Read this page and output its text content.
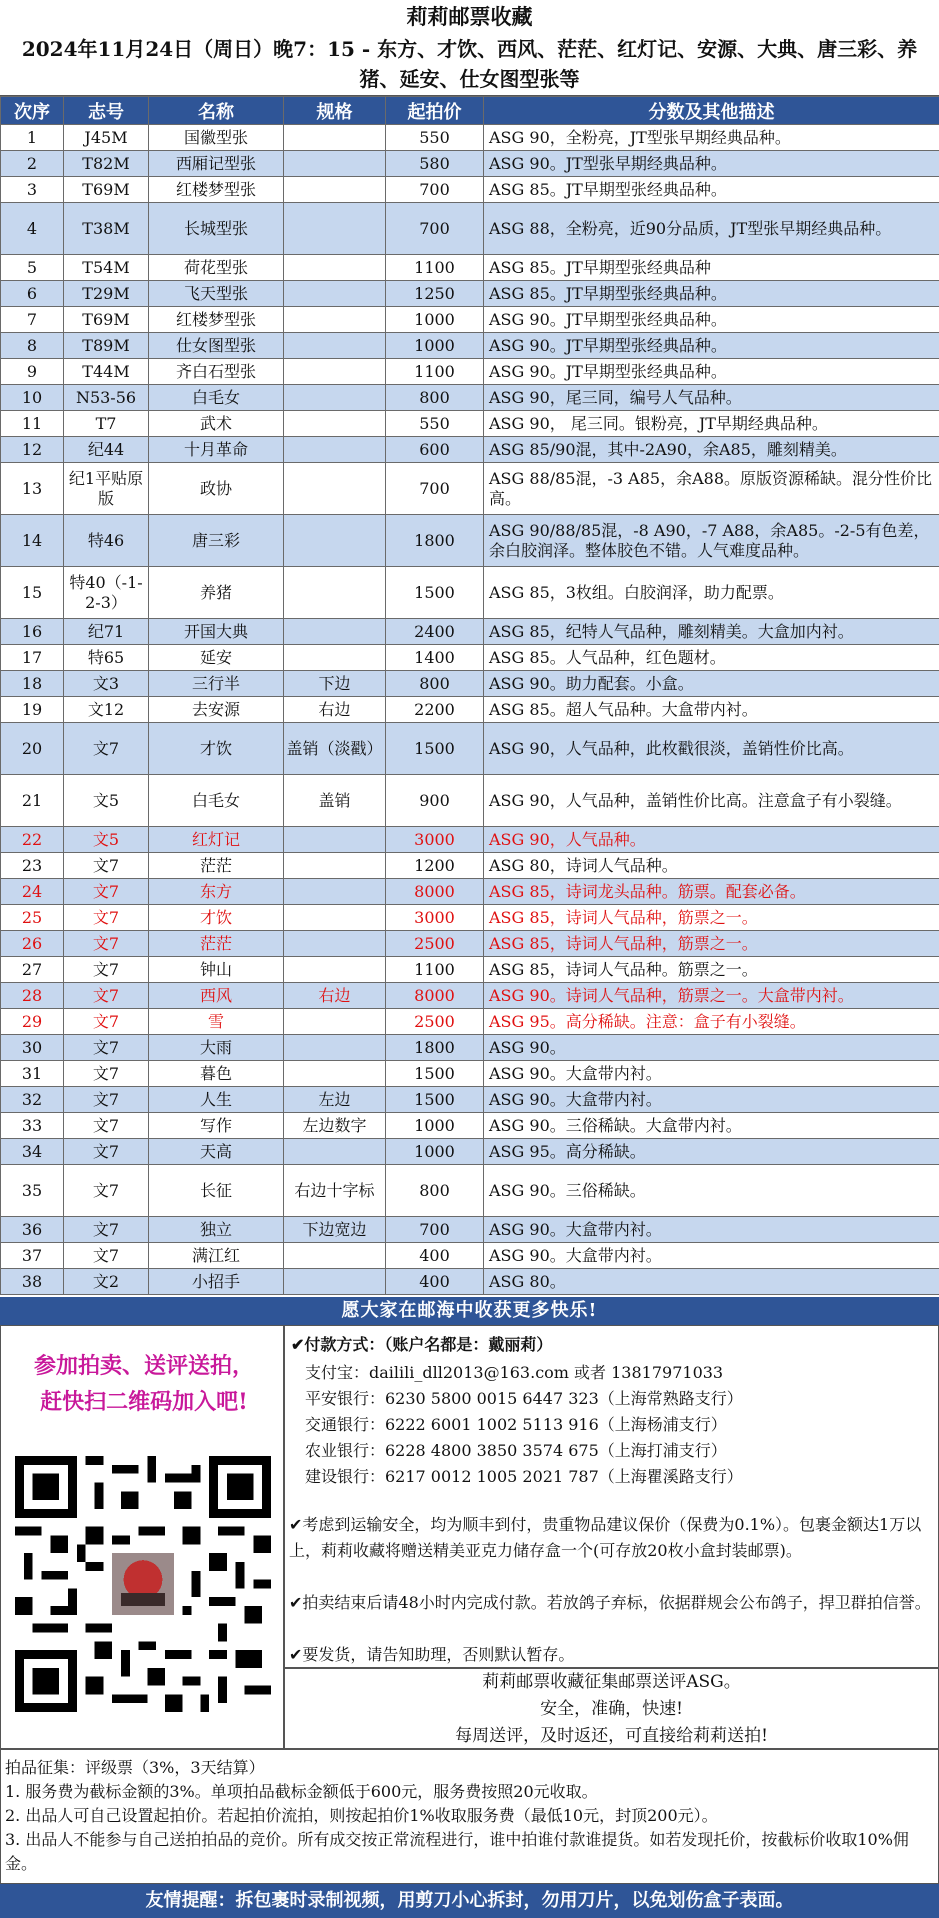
莉莉邮票收藏
2024年11月24日（周日）晚7：15 - 东方、才饮、西风、茫茫、红灯记、安源、大典、唐三彩、养猪、延安、仕女图型张等
次序	志号	名称	规格	起拍价	分数及其他描述
1	J45M	国徽型张		550	ASG 90，全粉亮，JT型张早期经典品种。
2	T82M	西厢记型张		580	ASG 90。JT型张早期经典品种。
3	T69M	红楼梦型张		700	ASG 85。JT早期型张经典品种。
4	T38M	长城型张		700	ASG 88，全粉亮，近90分品质，JT型张早期经典品种。
5	T54M	荷花型张		1100	ASG 85。JT早期型张经典品种
6	T29M	飞天型张		1250	ASG 85。JT早期型张经典品种。
7	T69M	红楼梦型张		1000	ASG 90。JT早期型张经典品种。
8	T89M	仕女图型张		1000	ASG 90。JT早期型张经典品种。
9	T44M	齐白石型张		1100	ASG 90。JT早期型张经典品种。
10	N53-56	白毛女		800	ASG 90，尾三同，编号人气品种。
11	T7	武术		550	ASG 90， 尾三同。银粉亮，JT早期经典品种。
12	纪44	十月革命		600	ASG 85/90混，其中-2A90，余A85，雕刻精美。
13	纪1平贴原版	政协		700	ASG 88/85混，-3 A85，余A88。原版资源稀缺。混分性价比高。
14	特46	唐三彩		1800	ASG 90/88/85混，-8 A90，-7 A88，余A85。-2-5有色差，余白胶润泽。整体胶色不错。人气难度品种。
15	特40（-1-2-3）	养猪		1500	ASG 85，3枚组。白胶润泽，助力配票。
16	纪71	开国大典		2400	ASG 85，纪特人气品种，雕刻精美。大盒加内衬。
17	特65	延安		1400	ASG 85。人气品种，红色题材。
18	文3	三行半	下边	800	ASG 90。助力配套。小盒。
19	文12	去安源	右边	2200	ASG 85。超人气品种。大盒带内衬。
20	文7	才饮	盖销（淡戳）	1500	ASG 90，人气品种，此枚戳很淡，盖销性价比高。
21	文5	白毛女	盖销	900	ASG 90，人气品种，盖销性价比高。注意盒子有小裂缝。
22	文5	红灯记		3000	ASG 90，人气品种。
23	文7	茫茫		1200	ASG 80，诗词人气品种。
24	文7	东方		8000	ASG 85，诗词龙头品种。筋票。配套必备。
25	文7	才饮		3000	ASG 85，诗词人气品种，筋票之一。
26	文7	茫茫		2500	ASG 85，诗词人气品种，筋票之一。
27	文7	钟山		1100	ASG 85，诗词人气品种。筋票之一。
28	文7	西风	右边	8000	ASG 90。诗词人气品种，筋票之一。大盒带内衬。
29	文7	雪		2500	ASG 95。高分稀缺。注意：盒子有小裂缝。
30	文7	大雨		1800	ASG 90。
31	文7	暮色		1500	ASG 90。大盒带内衬。
32	文7	人生	左边	1500	ASG 90。大盒带内衬。
33	文7	写作	左边数字	1000	ASG 90。三俗稀缺。大盒带内衬。
34	文7	天高		1000	ASG 95。高分稀缺。
35	文7	长征	右边十字标	800	ASG 90。三俗稀缺。
36	文7	独立	下边宽边	700	ASG 90。大盒带内衬。
37	文7	满江红		400	ASG 90。大盒带内衬。
38	文2	小招手		400	ASG 80。
愿大家在邮海中收获更多快乐!
参加拍卖、送评送拍，
赶快扫二维码加入吧!
✔付款方式：（账户名都是：戴丽莉）
支付宝：dailili_dll2013@163.com 或者 13817971033
平安银行：6230 5800 0015 6447 323（上海常熟路支行）
交通银行：6222 6001 1002 5113 916（上海杨浦支行）
农业银行：6228 4800 3850 3574 675（上海打浦支行）
建设银行：6217 0012 1005 2021 787（上海瞿溪路支行）
✔考虑到运输安全，均为顺丰到付，贵重物品建议保价（保费为0.1%）。包裹金额达1万以上，莉莉收藏将赠送精美亚克力储存盒一个(可存放20枚小盒封装邮票)。
✔拍卖结束后请48小时内完成付款。若放鸽子弃标，依据群规会公布鸽子，捍卫群拍信誉。
✔要发货，请告知助理，否则默认暂存。
莉莉邮票收藏征集邮票送评ASG。
安全，准确，快速!
每周送评，及时返还，可直接给莉莉送拍!
拍品征集：评级票（3%，3天结算）
1. 服务费为截标金额的3%。单项拍品截标金额低于600元，服务费按照20元收取。
2. 出品人可自己设置起拍价。若起拍价流拍，则按起拍价1%收取服务费（最低10元，封顶200元）。
3. 出品人不能参与自己送拍拍品的竞价。所有成交按正常流程进行，谁中拍谁付款谁提货。如若发现托价，按截标价收取10%佣金。
友情提醒：拆包裹时录制视频，用剪刀小心拆封，勿用刀片，以免划伤盒子表面。
